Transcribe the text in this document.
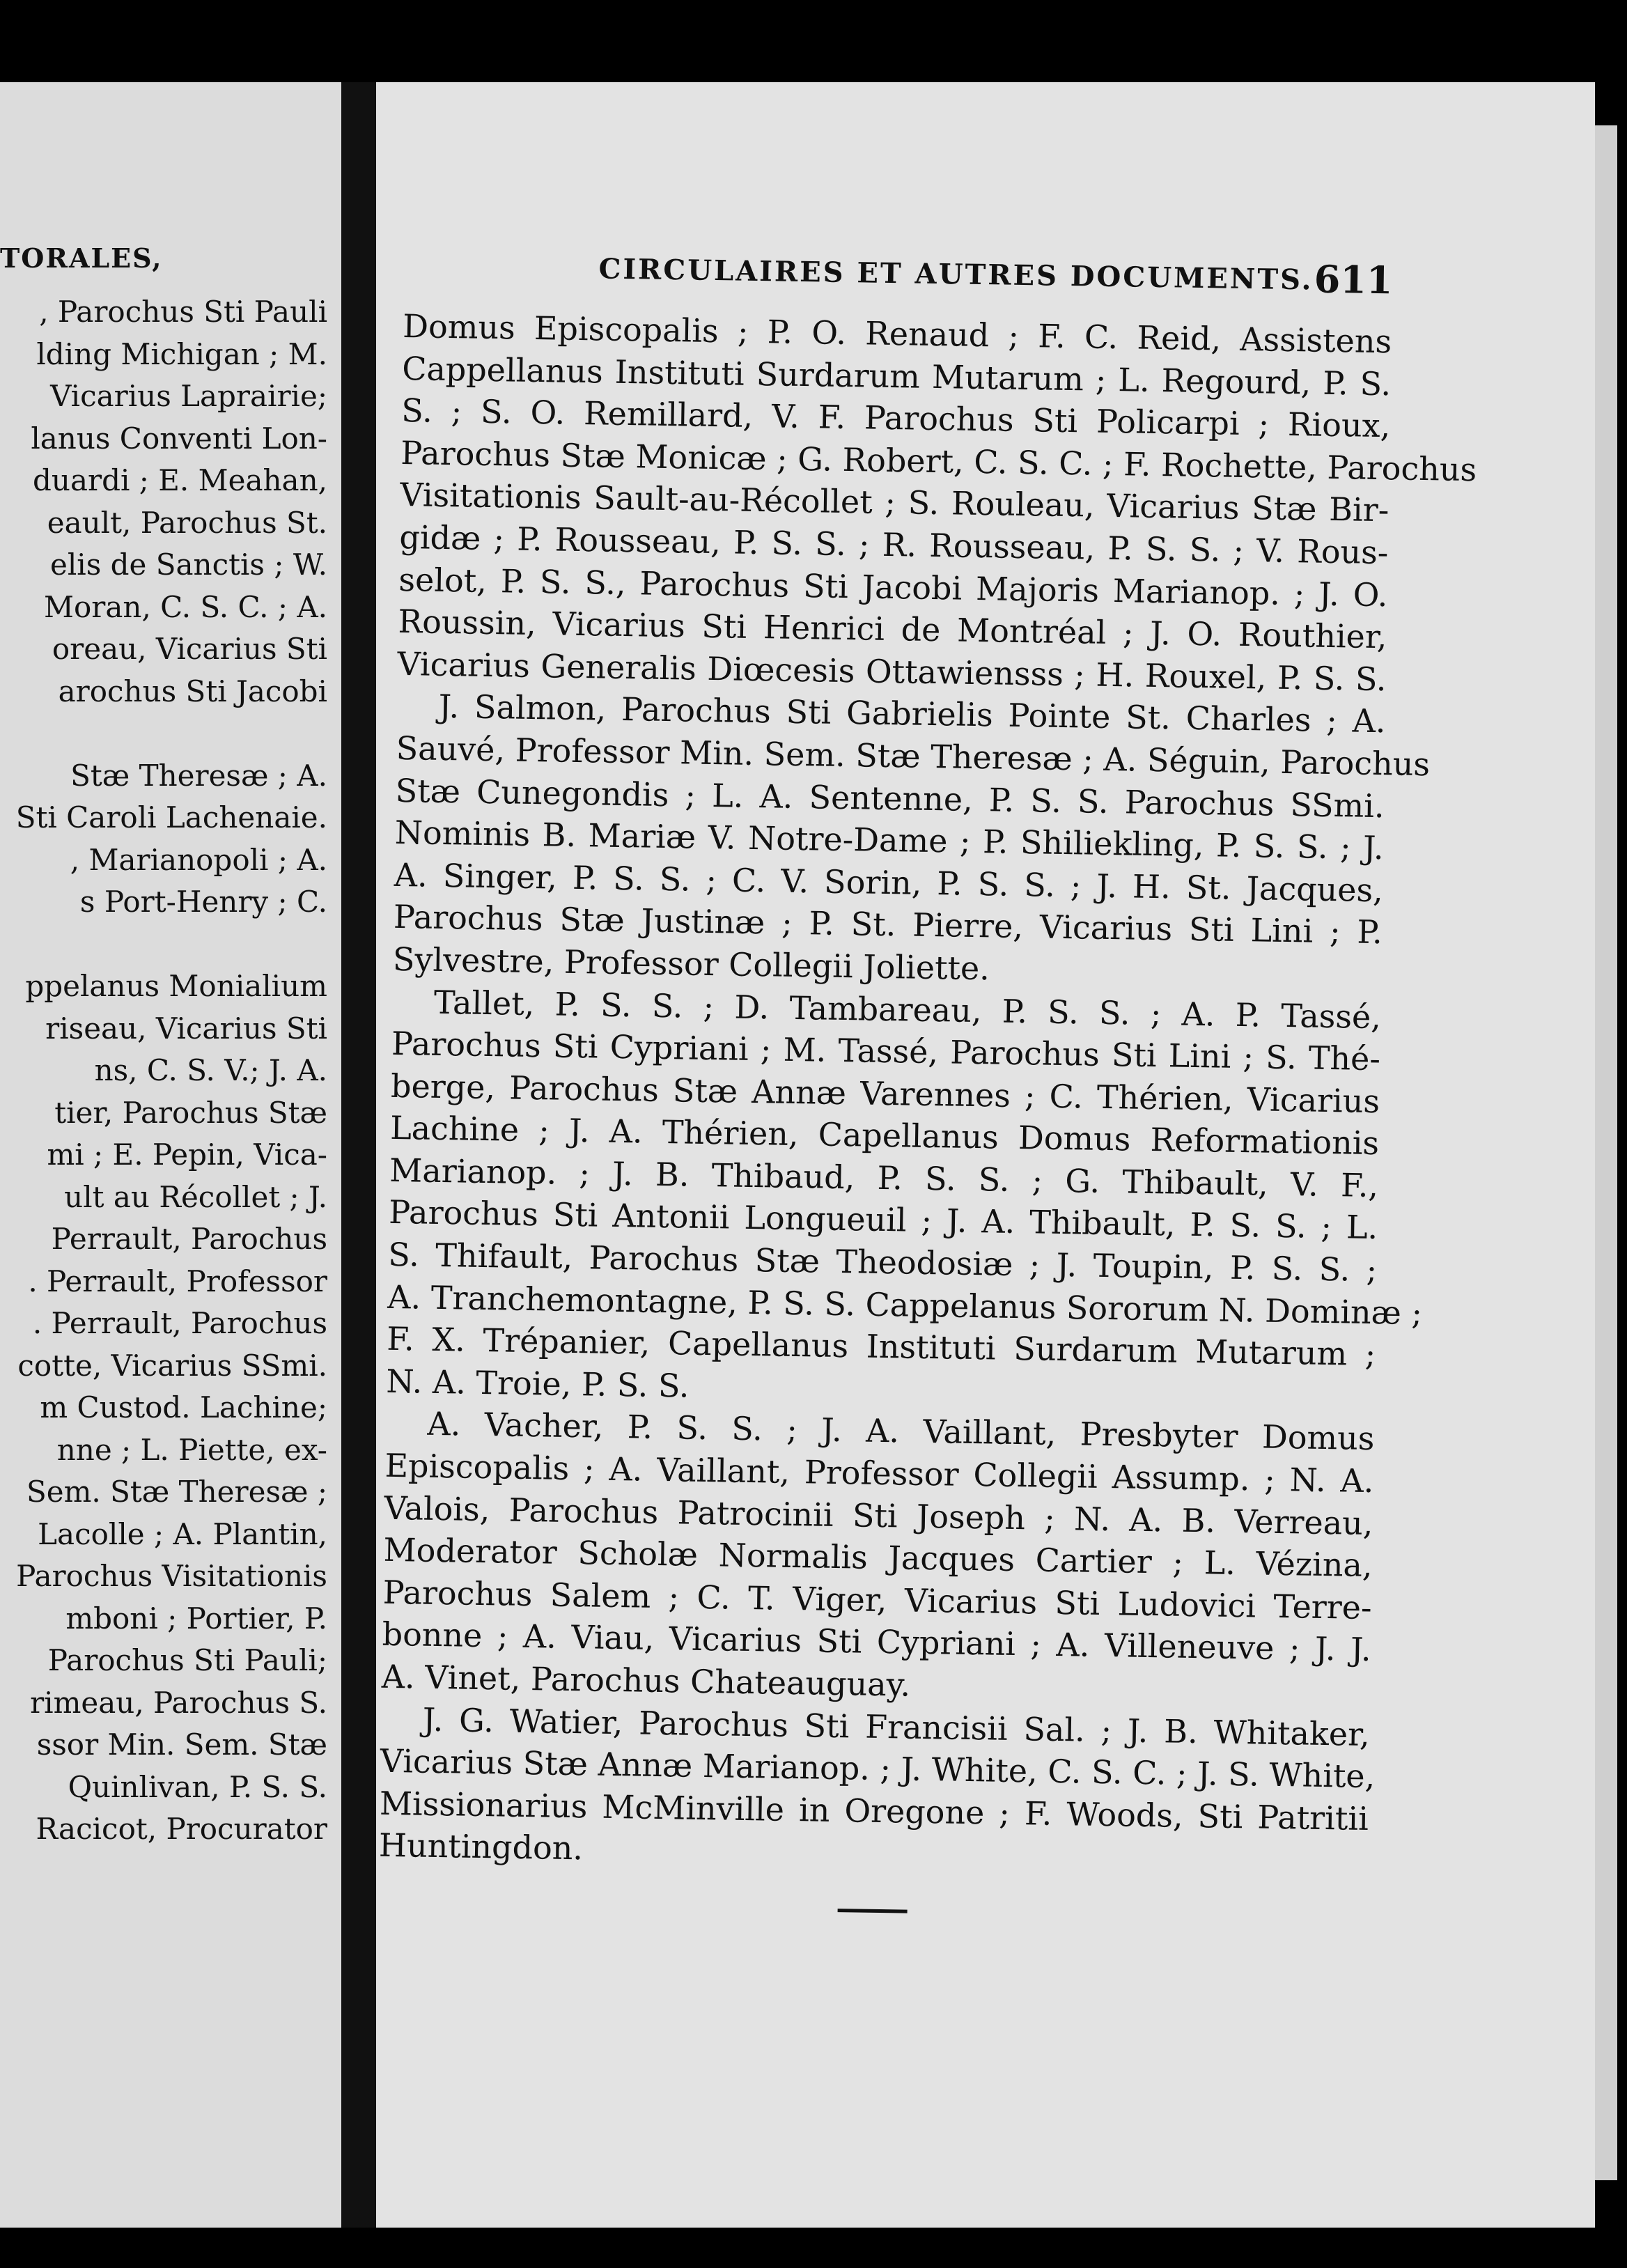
TORALES,
, Parochus Sti Pauli
lding Michigan ; M.
Vicarius Laprairie;
lanus Conventi Lon-
duardi ; E. Meahan,
eault, Parochus St.
elis de Sanctis ; W.
Moran, C. S. C. ; A.
oreau, Vicarius Sti
arochus Sti Jacobi

Stæ Theresæ ; A.
Sti Caroli Lachenaie.
, Marianopoli ; A.
s Port-Henry ; C.

ppelanus Monialium
riseau, Vicarius Sti
ns, C. S. V.; J. A.
tier, Parochus Stæ
mi ; E. Pepin, Vica-
ult au Récollet ; J.
Perrault, Parochus
. Perrault, Professor
. Perrault, Parochus
cotte, Vicarius SSmi.
m Custod. Lachine;
nne ; L. Piette, ex-
Sem. Stæ Theresæ ;
Lacolle ; A. Plantin,
Parochus Visitationis
mboni ; Portier, P.
Parochus Sti Pauli;
rimeau, Parochus S.
ssor Min. Sem. Stæ
Quinlivan, P. S. S.
Racicot, Procurator
CIRCULAIRES ET AUTRES DOCUMENTS. 611
Domus Episcopalis ; P. O. Renaud ; F. C. Reid, Assistens
Cappellanus Instituti Surdarum Mutarum ; L. Regourd, P. S.
S. ; S. O. Remillard, V. F. Parochus Sti Policarpi ; Rioux,
Parochus Stæ Monicæ ; G. Robert, C. S. C. ; F. Rochette, Parochus
Visitationis Sault-au-Récollet ; S. Rouleau, Vicarius Stæ Bir-
gidæ ; P. Rousseau, P. S. S. ; R. Rousseau, P. S. S. ; V. Rous-
selot, P. S. S., Parochus Sti Jacobi Majoris Marianop. ; J. O.
Roussin, Vicarius Sti Henrici de Montréal ; J. O. Routhier,
Vicarius Generalis Diœcesis Ottawiensss ; H. Rouxel, P. S. S.
J. Salmon, Parochus Sti Gabrielis Pointe St. Charles ; A.
Sauvé, Professor Min. Sem. Stæ Theresæ ; A. Séguin, Parochus
Stæ Cunegondis ; L. A. Sentenne, P. S. S. Parochus SSmi.
Nominis B. Mariæ V. Notre-Dame ; P. Shiliekling, P. S. S. ; J.
A. Singer, P. S. S. ; C. V. Sorin, P. S. S. ; J. H. St. Jacques,
Parochus Stæ Justinæ ; P. St. Pierre, Vicarius Sti Lini ; P.
Sylvestre, Professor Collegii Joliette.
Tallet, P. S. S. ; D. Tambareau, P. S. S. ; A. P. Tassé,
Parochus Sti Cypriani ; M. Tassé, Parochus Sti Lini ; S. Thé-
berge, Parochus Stæ Annæ Varennes ; C. Thérien, Vicarius
Lachine ; J. A. Thérien, Capellanus Domus Reformationis
Marianop. ; J. B. Thibaud, P. S. S. ; G. Thibault, V. F.,
Parochus Sti Antonii Longueuil ; J. A. Thibault, P. S. S. ; L.
S. Thifault, Parochus Stæ Theodosiæ ; J. Toupin, P. S. S. ;
A. Tranchemontagne, P. S. S. Cappelanus Sororum N. Dominæ ;
F. X. Trépanier, Capellanus Instituti Surdarum Mutarum ;
N. A. Troie, P. S. S.
A. Vacher, P. S. S. ; J. A. Vaillant, Presbyter Domus
Episcopalis ; A. Vaillant, Professor Collegii Assump. ; N. A.
Valois, Parochus Patrocinii Sti Joseph ; N. A. B. Verreau,
Moderator Scholæ Normalis Jacques Cartier ; L. Vézina,
Parochus Salem ; C. T. Viger, Vicarius Sti Ludovici Terre-
bonne ; A. Viau, Vicarius Sti Cypriani ; A. Villeneuve ; J. J.
A. Vinet, Parochus Chateauguay.
J. G. Watier, Parochus Sti Francisii Sal. ; J. B. Whitaker,
Vicarius Stæ Annæ Marianop. ; J. White, C. S. C. ; J. S. White,
Missionarius McMinville in Oregone ; F. Woods, Sti Patritii
Huntingdon.
